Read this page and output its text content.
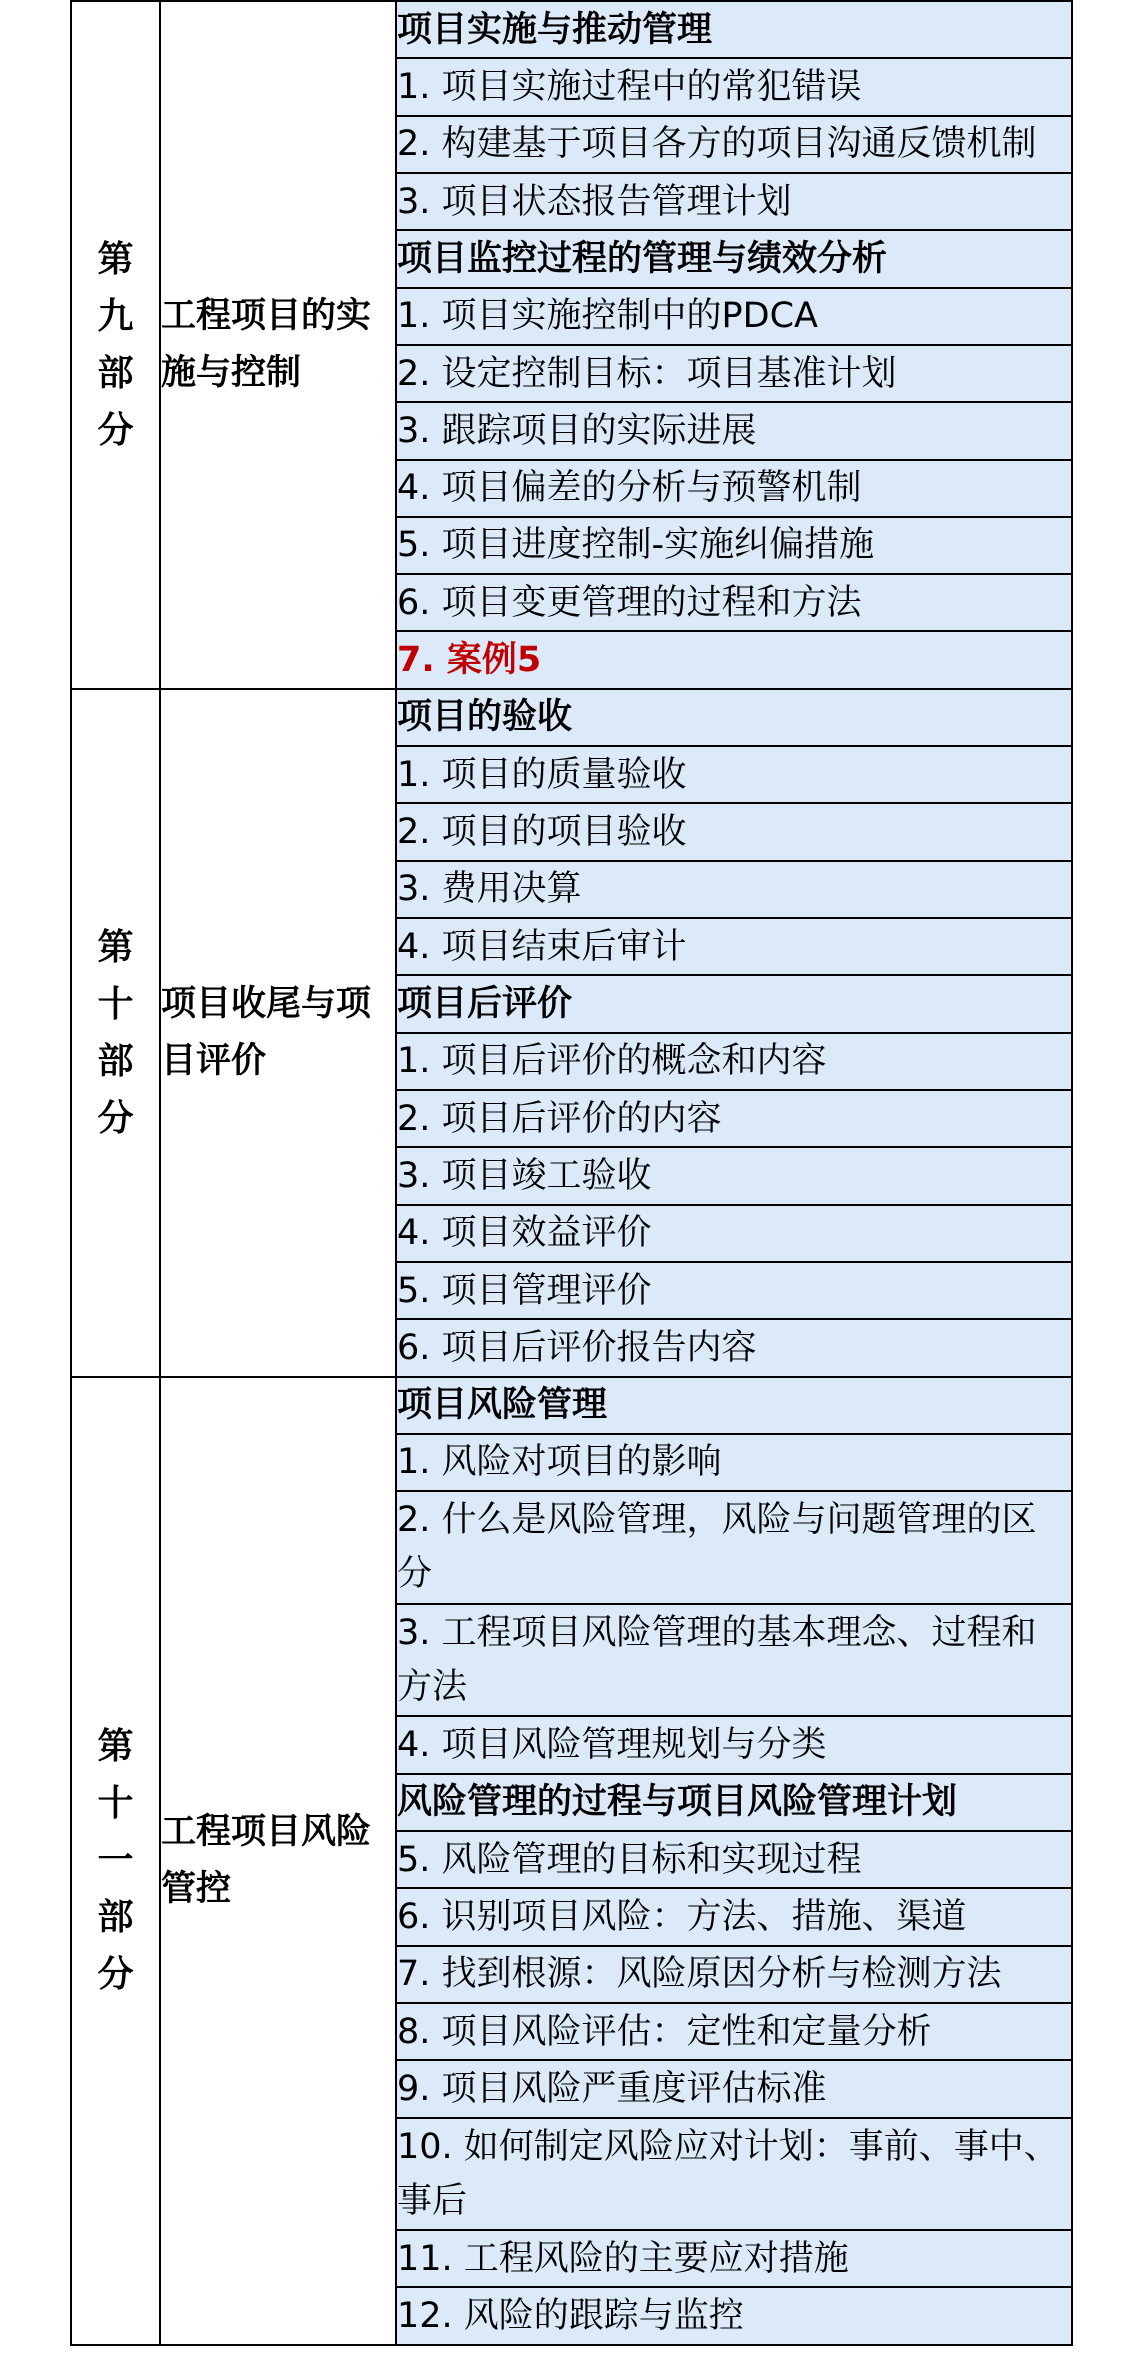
第九部分	工程项目的实施与控制	项目实施与推动管理
		1. 项目实施过程中的常犯错误
		2. 构建基于项目各方的项目沟通反馈机制
		3. 项目状态报告管理计划
		项目监控过程的管理与绩效分析
		1. 项目实施控制中的PDCA
		2. 设定控制目标：项目基准计划
		3. 跟踪项目的实际进展
		4. 项目偏差的分析与预警机制
		5. 项目进度控制-实施纠偏措施
		6. 项目变更管理的过程和方法
		7. 案例5
第十部分	项目收尾与项目评价	项目的验收
		1. 项目的质量验收
		2. 项目的项目验收
		3. 费用决算
		4. 项目结束后审计
		项目后评价
		1. 项目后评价的概念和内容
		2. 项目后评价的内容
		3. 项目竣工验收
		4. 项目效益评价
		5. 项目管理评价
		6. 项目后评价报告内容
第十一部分	工程项目风险管控	项目风险管理
		1. 风险对项目的影响
		2. 什么是风险管理，风险与问题管理的区分
		3. 工程项目风险管理的基本理念、过程和方法
		4. 项目风险管理规划与分类
		风险管理的过程与项目风险管理计划
		5. 风险管理的目标和实现过程
		6. 识别项目风险：方法、措施、渠道
		7. 找到根源：风险原因分析与检测方法
		8. 项目风险评估：定性和定量分析
		9. 项目风险严重度评估标准
		10. 如何制定风险应对计划：事前、事中、事后
		11. 工程风险的主要应对措施
		12. 风险的跟踪与监控
